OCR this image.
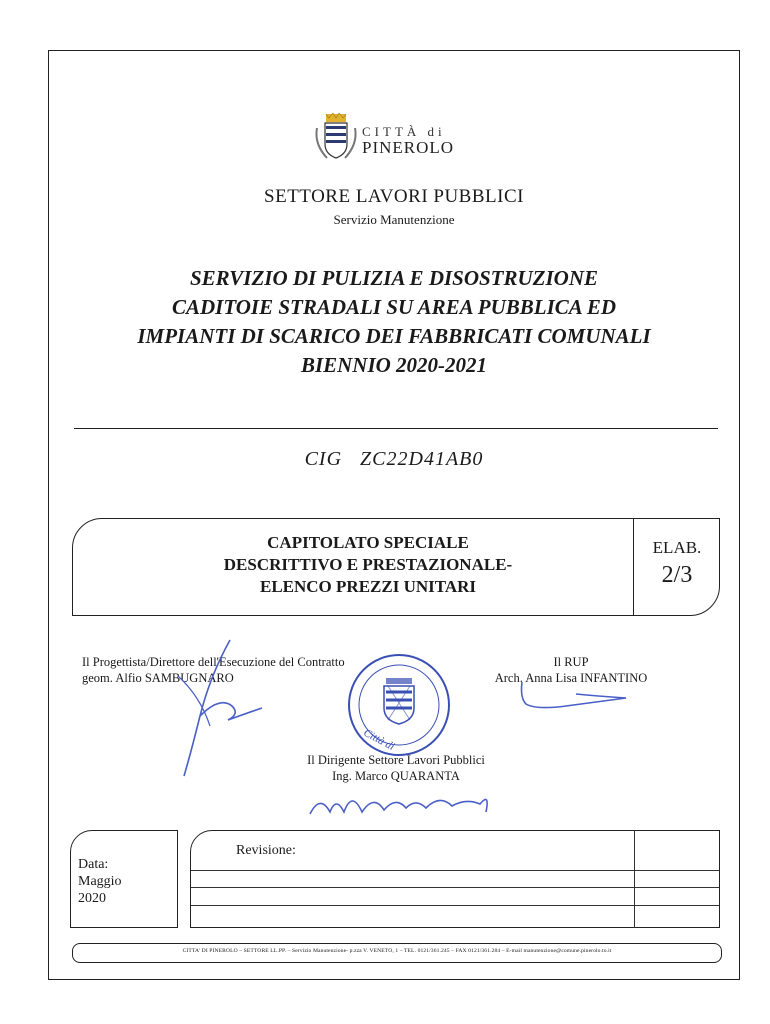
CITTÀ di
PINEROLO
SETTORE LAVORI PUBBLICI
Servizio Manutenzione
SERVIZIO DI PULIZIA E DISOSTRUZIONE
CADITOIE STRADALI SU AREA PUBBLICA ED
IMPIANTI DI SCARICO DEI FABBRICATI COMUNALI
BIENNIO 2020-2021
CIG   ZC22D41AB0
CAPITOLATO SPECIALE
DESCRITTIVO E PRESTAZIONALE-
ELENCO PREZZI UNITARI
ELAB.
2/3
Il Progettista/Direttore dell'Esecuzione del Contratto
geom. Alfio SAMBUGNARO
Il RUP
Arch. Anna Lisa INFANTINO
Il Dirigente Settore Lavori Pubblici
Ing. Marco QUARANTA
Città di
Data:
Maggio
2020
Revisione:
CITTA' DI PINEROLO – SETTORE LL.PP. – Servizio Manutenzione- p.zza V. VENETO, 1 – TEL. 0121/361.245 – FAX 0121/361.284 – E-mail manutenzione@comune.pinerolo.to.it
